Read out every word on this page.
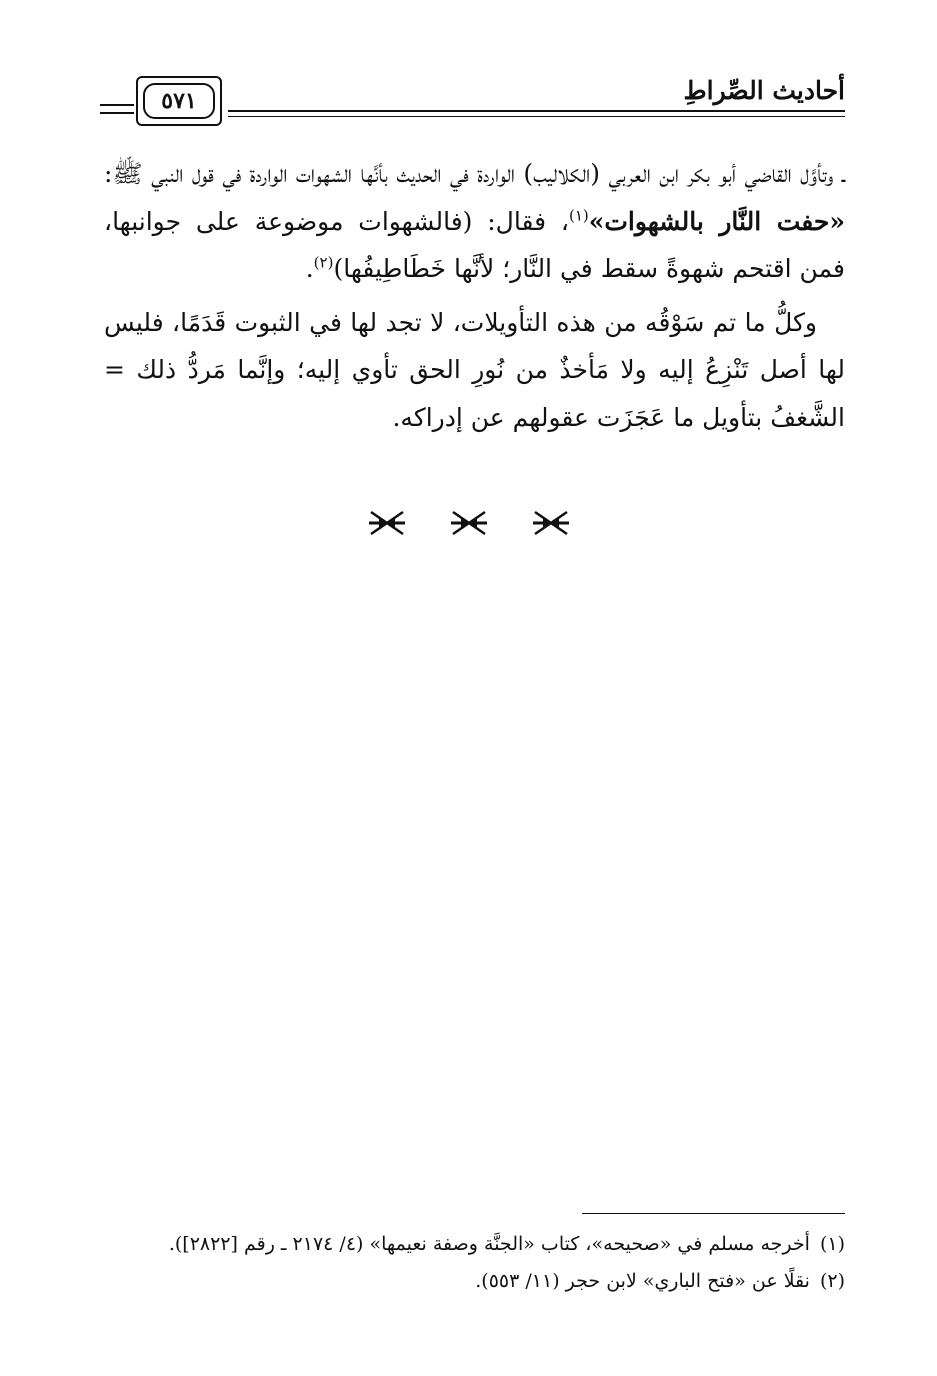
أحاديث الصِّراطِ
٥٧١

ـ وتأوَّل القاضي أبو بكر ابن العربي (الكلاليب) الواردة في الحديث بأنَّها الشهوات الواردة في قول النبي ﷺ: «حفت النَّار بالشهوات»$^{(١)}$، فقال: (فالشهوات موضوعة على جوانبها، فمن اقتحم شهوةً سقط في النَّار؛ لأنَّها خَطَاطِيفُها)$^{(٢)}$.

وكلُّ ما تم سَوْقُه من هذه التأويلات، لا تجد لها في الثبوت قَدَمًا، فليس لها أصل تَنْزِعُ إليه ولا مَأخذٌ من نُورِ الحق تأوي إليه؛ وإنَّما مَردُّ ذلك = الشَّغفُ بتأويل ما عَجَزَت عقولهم عن إدراكه.

(١)أخرجه مسلم في «صحيحه»، كتاب «الجنَّة وصفة نعيمها» (٤/ ٢١٧٤ ـ رقم [٢٨٢٢]).
(٢)نقلًا عن «فتح الباري» لابن حجر (١١/ ٥٥٣).
